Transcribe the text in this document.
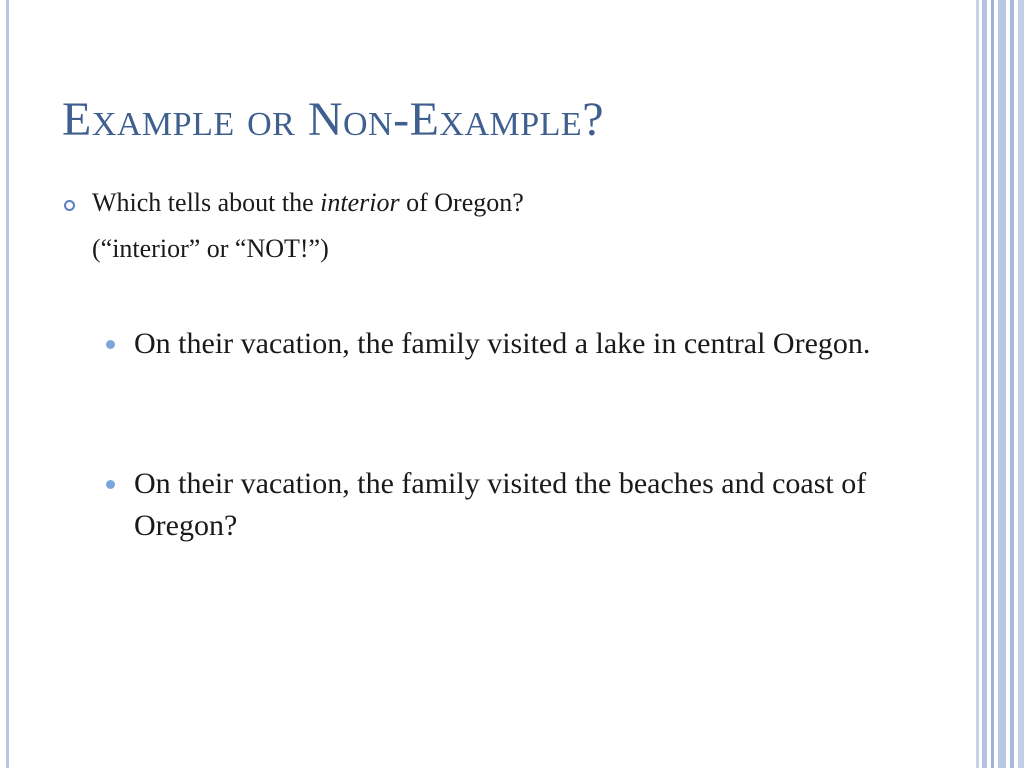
Example or Non-Example?
Which tells about the interior of Oregon?
(“interior” or “NOT!”)
On their vacation, the family visited a lake in central Oregon.
On their vacation, the family visited the beaches and coast of Oregon?
